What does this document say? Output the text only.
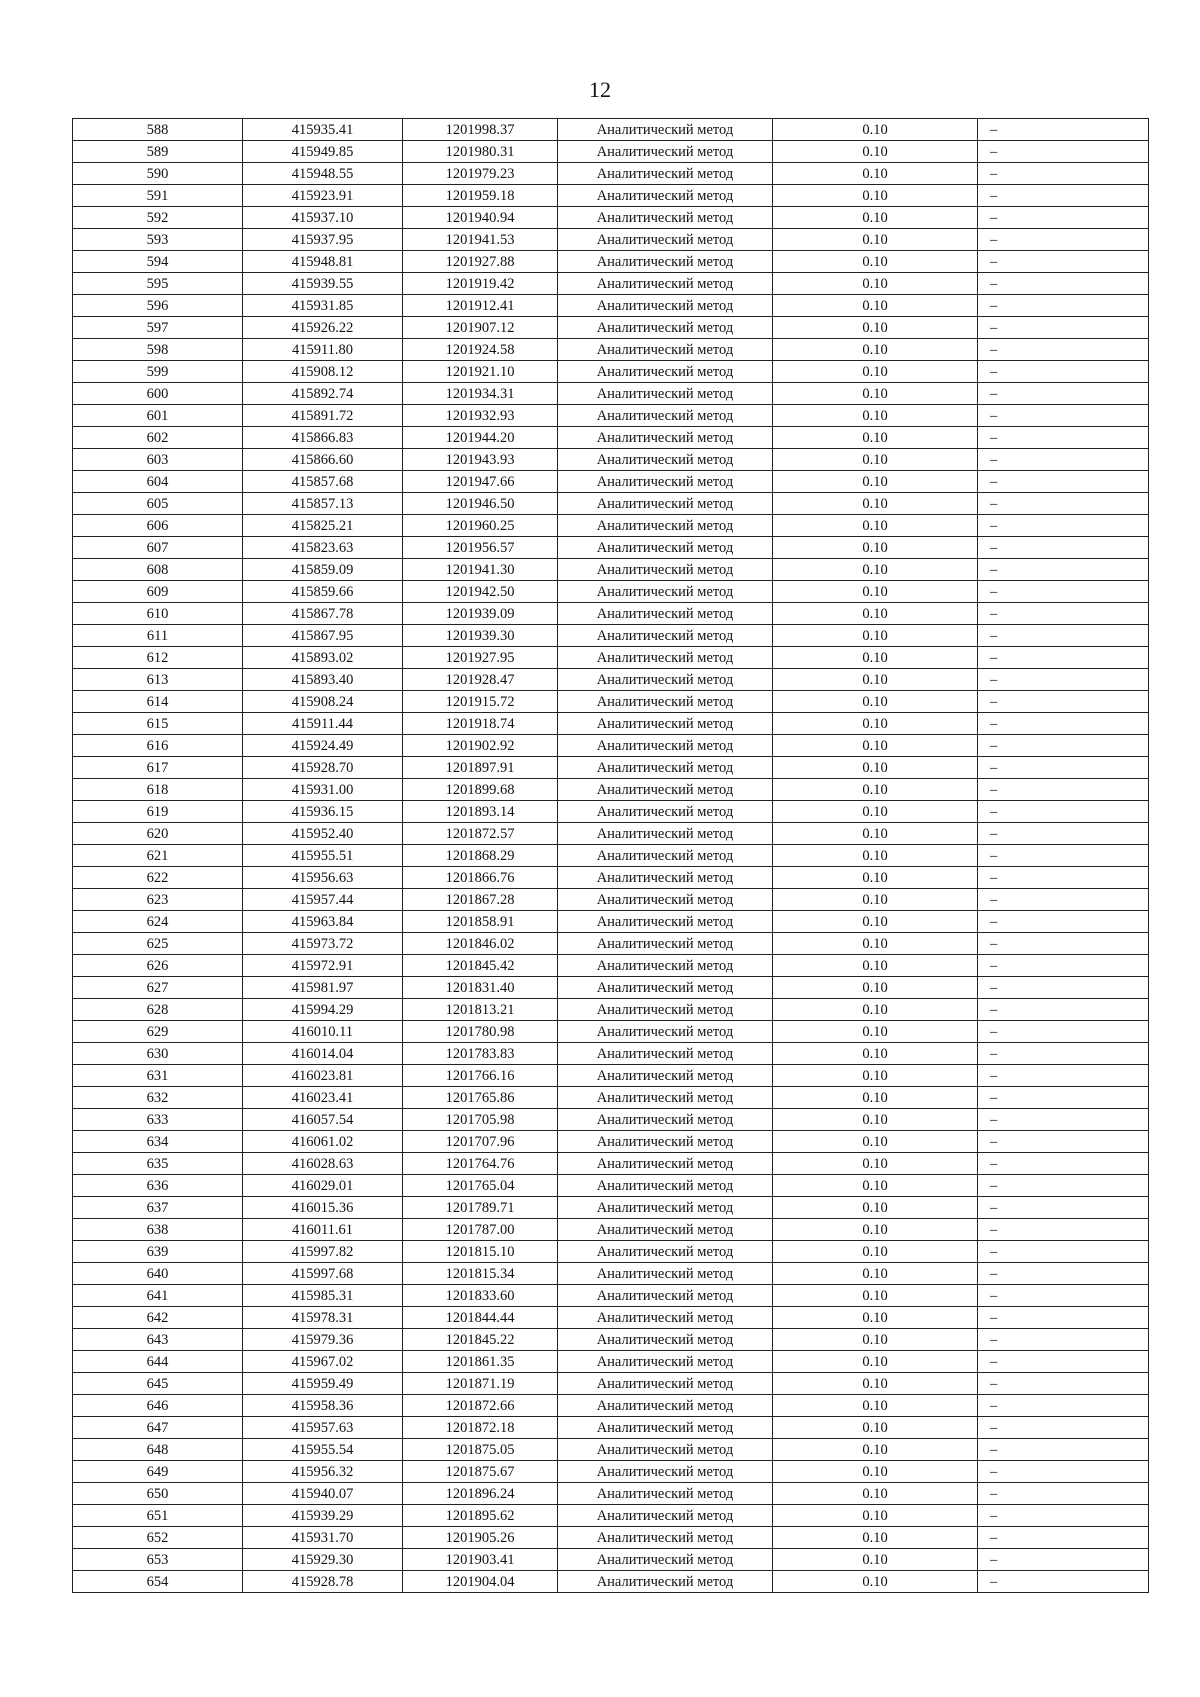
12
588	415935.41	1201998.37	Аналитический метод	0.10	–
589	415949.85	1201980.31	Аналитический метод	0.10	–
590	415948.55	1201979.23	Аналитический метод	0.10	–
591	415923.91	1201959.18	Аналитический метод	0.10	–
592	415937.10	1201940.94	Аналитический метод	0.10	–
593	415937.95	1201941.53	Аналитический метод	0.10	–
594	415948.81	1201927.88	Аналитический метод	0.10	–
595	415939.55	1201919.42	Аналитический метод	0.10	–
596	415931.85	1201912.41	Аналитический метод	0.10	–
597	415926.22	1201907.12	Аналитический метод	0.10	–
598	415911.80	1201924.58	Аналитический метод	0.10	–
599	415908.12	1201921.10	Аналитический метод	0.10	–
600	415892.74	1201934.31	Аналитический метод	0.10	–
601	415891.72	1201932.93	Аналитический метод	0.10	–
602	415866.83	1201944.20	Аналитический метод	0.10	–
603	415866.60	1201943.93	Аналитический метод	0.10	–
604	415857.68	1201947.66	Аналитический метод	0.10	–
605	415857.13	1201946.50	Аналитический метод	0.10	–
606	415825.21	1201960.25	Аналитический метод	0.10	–
607	415823.63	1201956.57	Аналитический метод	0.10	–
608	415859.09	1201941.30	Аналитический метод	0.10	–
609	415859.66	1201942.50	Аналитический метод	0.10	–
610	415867.78	1201939.09	Аналитический метод	0.10	–
611	415867.95	1201939.30	Аналитический метод	0.10	–
612	415893.02	1201927.95	Аналитический метод	0.10	–
613	415893.40	1201928.47	Аналитический метод	0.10	–
614	415908.24	1201915.72	Аналитический метод	0.10	–
615	415911.44	1201918.74	Аналитический метод	0.10	–
616	415924.49	1201902.92	Аналитический метод	0.10	–
617	415928.70	1201897.91	Аналитический метод	0.10	–
618	415931.00	1201899.68	Аналитический метод	0.10	–
619	415936.15	1201893.14	Аналитический метод	0.10	–
620	415952.40	1201872.57	Аналитический метод	0.10	–
621	415955.51	1201868.29	Аналитический метод	0.10	–
622	415956.63	1201866.76	Аналитический метод	0.10	–
623	415957.44	1201867.28	Аналитический метод	0.10	–
624	415963.84	1201858.91	Аналитический метод	0.10	–
625	415973.72	1201846.02	Аналитический метод	0.10	–
626	415972.91	1201845.42	Аналитический метод	0.10	–
627	415981.97	1201831.40	Аналитический метод	0.10	–
628	415994.29	1201813.21	Аналитический метод	0.10	–
629	416010.11	1201780.98	Аналитический метод	0.10	–
630	416014.04	1201783.83	Аналитический метод	0.10	–
631	416023.81	1201766.16	Аналитический метод	0.10	–
632	416023.41	1201765.86	Аналитический метод	0.10	–
633	416057.54	1201705.98	Аналитический метод	0.10	–
634	416061.02	1201707.96	Аналитический метод	0.10	–
635	416028.63	1201764.76	Аналитический метод	0.10	–
636	416029.01	1201765.04	Аналитический метод	0.10	–
637	416015.36	1201789.71	Аналитический метод	0.10	–
638	416011.61	1201787.00	Аналитический метод	0.10	–
639	415997.82	1201815.10	Аналитический метод	0.10	–
640	415997.68	1201815.34	Аналитический метод	0.10	–
641	415985.31	1201833.60	Аналитический метод	0.10	–
642	415978.31	1201844.44	Аналитический метод	0.10	–
643	415979.36	1201845.22	Аналитический метод	0.10	–
644	415967.02	1201861.35	Аналитический метод	0.10	–
645	415959.49	1201871.19	Аналитический метод	0.10	–
646	415958.36	1201872.66	Аналитический метод	0.10	–
647	415957.63	1201872.18	Аналитический метод	0.10	–
648	415955.54	1201875.05	Аналитический метод	0.10	–
649	415956.32	1201875.67	Аналитический метод	0.10	–
650	415940.07	1201896.24	Аналитический метод	0.10	–
651	415939.29	1201895.62	Аналитический метод	0.10	–
652	415931.70	1201905.26	Аналитический метод	0.10	–
653	415929.30	1201903.41	Аналитический метод	0.10	–
654	415928.78	1201904.04	Аналитический метод	0.10	–
